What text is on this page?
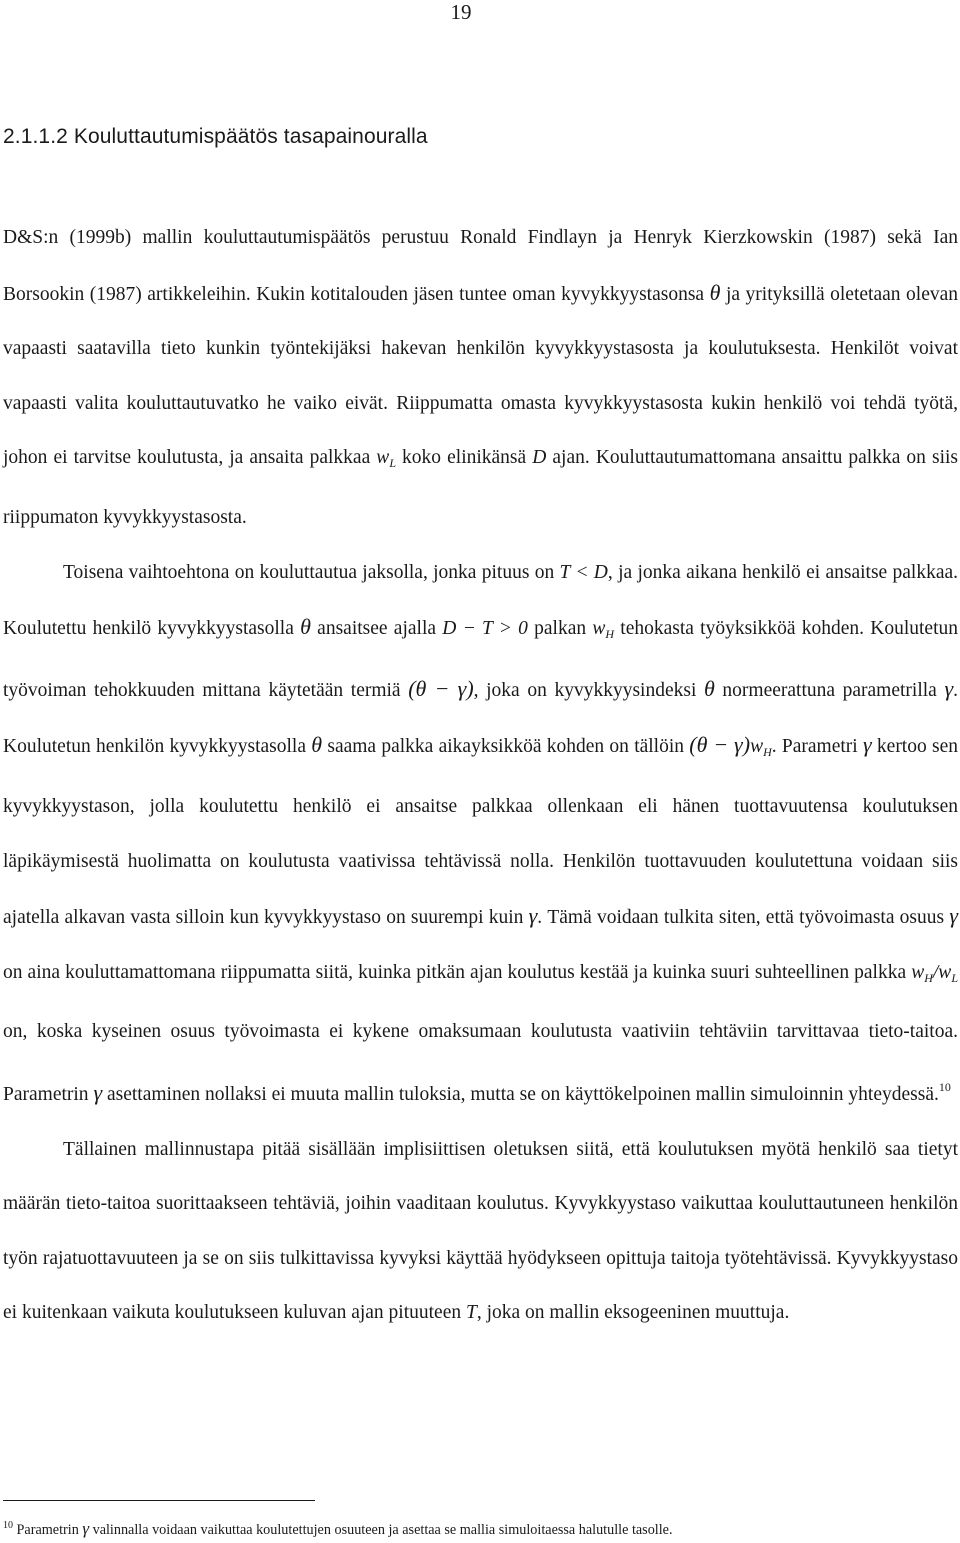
19
2.1.1.2 Kouluttautumispäätös tasapainouralla

D&S:n (1999b) mallin kouluttautumispäätös perustuu Ronald Findlayn ja Henryk Kierzkowskin (1987) sekä Ian Borsookin (1987) artikkeleihin. Kukin kotitalouden jäsen tuntee oman kyvykkyystasonsa θ ja yrityksillä oletetaan olevan vapaasti saatavilla tieto kunkin työntekijäksi hakevan henkilön kyvykkyystasosta ja koulutuksesta. Henkilöt voivat vapaasti valita kouluttautuvatko he vaiko eivät. Riippumatta omasta kyvykkyystasosta kukin henkilö voi tehdä työtä, johon ei tarvitse koulutusta, ja ansaita palkkaa $w_L$ koko elinikänsä D ajan. Kouluttautumattomana ansaittu palkka on siis riippumaton kyvykkyystasosta.

Toisena vaihtoehtona on kouluttautua jaksolla, jonka pituus on T < D, ja jonka aikana henkilö ei ansaitse palkkaa. Koulutettu henkilö kyvykkyystasolla θ ansaitsee ajalla D − T > 0 palkan $w_H$ tehokasta työyksikköä kohden. Koulutetun työvoiman tehokkuuden mittana käytetään termiä (θ − γ), joka on kyvykkyysindeksi θ normeerattuna parametrilla γ. Koulutetun henkilön kyvykkyystasolla θ saama palkka aikayksikköä kohden on tällöin $(\theta - \gamma)w_H$. Parametri γ kertoo sen kyvykkyystason, jolla koulutettu henkilö ei ansaitse palkkaa ollenkaan eli hänen tuottavuutensa koulutuksen läpikäymisestä huolimatta on koulutusta vaativissa tehtävissä nolla. Henkilön tuottavuuden koulutettuna voidaan siis ajatella alkavan vasta silloin kun kyvykkyystaso on suurempi kuin γ. Tämä voidaan tulkita siten, että työvoimasta osuus γ on aina kouluttamattomana riippumatta siitä, kuinka pitkän ajan koulutus kestää ja kuinka suuri suhteellinen palkka $w_H/w_L$ on, koska kyseinen osuus työvoimasta ei kykene omaksumaan koulutusta vaativiin tehtäviin tarvittavaa tieto-taitoa. Parametrin γ asettaminen nollaksi ei muuta mallin tuloksia, mutta se on käyttökelpoinen mallin simuloinnin yhteydessä.$^{10}$

Tällainen mallinnustapa pitää sisällään implisiittisen oletuksen siitä, että koulutuksen myötä henkilö saa tietyt määrän tieto-taitoa suorittaakseen tehtäviä, joihin vaaditaan koulutus. Kyvykkyystaso vaikuttaa kouluttautuneen henkilön työn rajatuottavuuteen ja se on siis tulkittavissa kyvyksi käyttää hyödykseen opittuja taitoja työtehtävissä. Kyvykkyystaso ei kuitenkaan vaikuta koulutukseen kuluvan ajan pituuteen T, joka on mallin eksogeeninen muuttuja.

$^{10}$ Parametrin γ valinnalla voidaan vaikuttaa koulutettujen osuuteen ja asettaa se mallia simuloitaessa halutulle tasolle.
